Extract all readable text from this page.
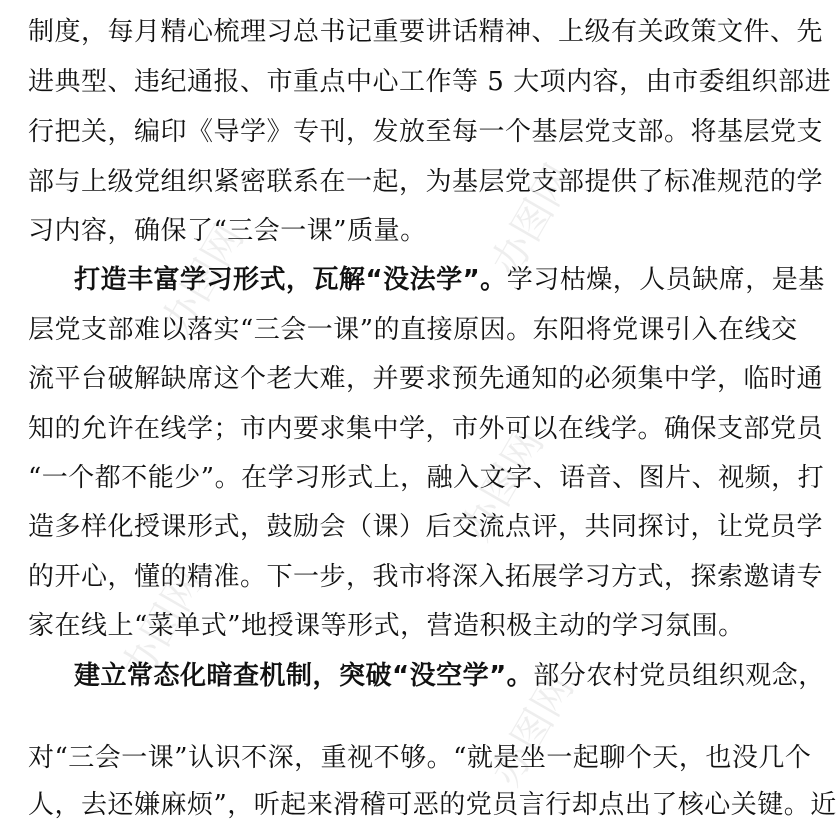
办图网
办图网
办图网
办图网
办图网
制度，每月精心梳理习总书记重要讲话精神、上级有关政策文件、先
进典型、违纪通报、市重点中心工作等 5 大项内容，由市委组织部进
行把关，编印《导学》专刊，发放至每一个基层党支部。将基层党支
部与上级党组织紧密联系在一起，为基层党支部提供了标准规范的学
习内容，确保了“三会一课”质量。
打造丰富学习形式，瓦解“没法学”。学习枯燥，人员缺席，是基
层党支部难以落实“三会一课”的直接原因。东阳将党课引入在线交
流平台破解缺席这个老大难，并要求预先通知的必须集中学，临时通
知的允许在线学；市内要求集中学，市外可以在线学。确保支部党员
“一个都不能少”。在学习形式上，融入文字、语音、图片、视频，打
造多样化授课形式，鼓励会（课）后交流点评，共同探讨，让党员学
的开心，懂的精准。下一步，我市将深入拓展学习方式，探索邀请专
家在线上“菜单式”地授课等形式，营造积极主动的学习氛围。
建立常态化暗查机制，突破“没空学”。部分农村党员组织观念，
对“三会一课”认识不深，重视不够。“就是坐一起聊个天，也没几个
人，去还嫌麻烦”，听起来滑稽可恶的党员言行却点出了核心关键。近
